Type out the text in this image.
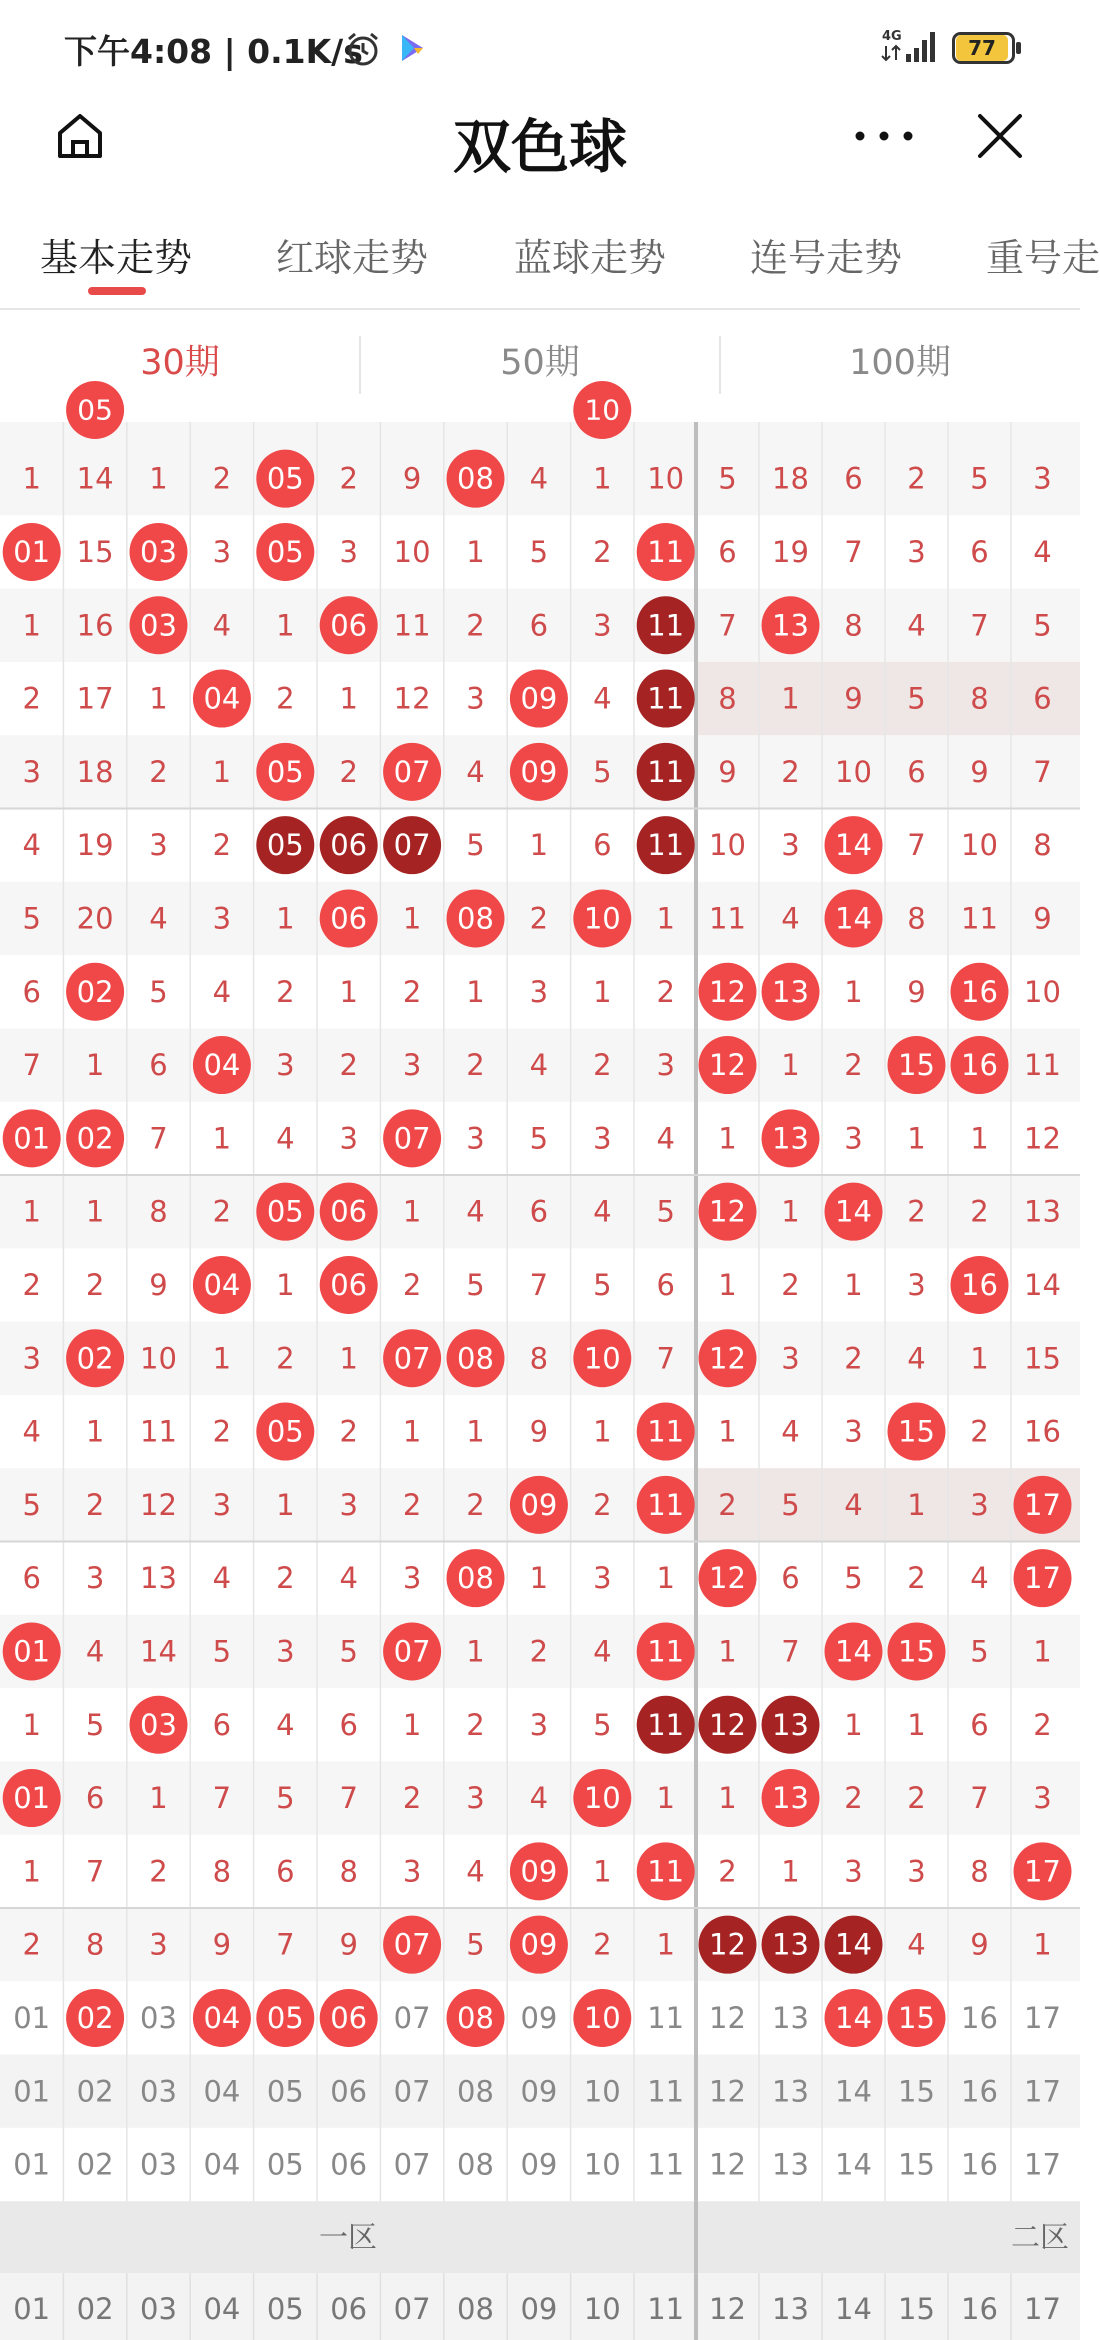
下午4:08 | 0.1K/s	4G	77
双色球
基本走势 红球走势 蓝球走势 连号走势 重号走
30期	50期	100期
05	10
1 14 1 2 05 2 9 08 4 1 10 5 18 6 2 5 3
01 15 03 3 05 3 10 1 5 2 11 6 19 7 3 6 4
1 16 03 4 1 06 11 2 6 3 11 7 13 8 4 7 5
2 17 1 04 2 1 12 3 09 4 11 8 1 9 5 8 6
3 18 2 1 05 2 07 4 09 5 11 9 2 10 6 9 7
4 19 3 2 05 06 07 5 1 6 11 10 3 14 7 10 8
5 20 4 3 1 06 1 08 2 10 1 11 4 14 8 11 9
6 02 5 4 2 1 2 1 3 1 2 12 13 1 9 16 10
7 1 6 04 3 2 3 2 4 2 3 12 1 2 15 16 11
01 02 7 1 4 3 07 3 5 3 4 1 13 3 1 1 12
1 1 8 2 05 06 1 4 6 4 5 12 1 14 2 2 13
2 2 9 04 1 06 2 5 7 5 6 1 2 1 3 16 14
3 02 10 1 2 1 07 08 8 10 7 12 3 2 4 1 15
4 1 11 2 05 2 1 1 9 1 11 1 4 3 15 2 16
5 2 12 3 1 3 2 2 09 2 11 2 5 4 1 3 17
6 3 13 4 2 4 3 08 1 3 1 12 6 5 2 4 17
01 4 14 5 3 5 07 1 2 4 11 1 7 14 15 5 1
1 5 03 6 4 6 1 2 3 5 11 12 13 1 1 6 2
01 6 1 7 5 7 2 3 4 10 1 1 13 2 2 7 3
1 7 2 8 6 8 3 4 09 1 11 2 1 3 3 8 17
2 8 3 9 7 9 07 5 09 2 1 12 13 14 4 9 1
01 02 03 04 05 06 07 08 09 10 11 12 13 14 15 16 17
01 02 03 04 05 06 07 08 09 10 11 12 13 14 15 16 17
01 02 03 04 05 06 07 08 09 10 11 12 13 14 15 16 17
一区	二区
01 02 03 04 05 06 07 08 09 10 11 12 13 14 15 16 17
